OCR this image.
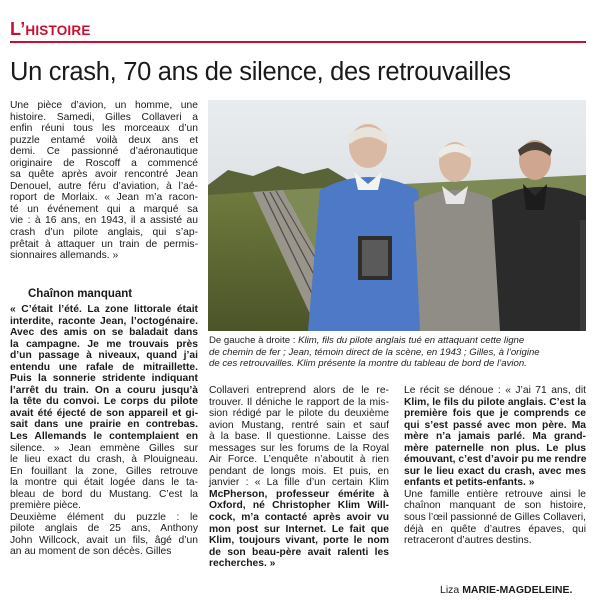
L’HISTOIRE
Un crash, 70 ans de silence, des retrouvailles
Une pièce d’avion, un homme, une
histoire. Samedi, Gilles Collaveri a
enfin réuni tous les morceaux d’un
puzzle entamé voilà deux ans et
demi. Ce passionné d’aéronautique
originaire de Roscoff a commencé
sa quête après avoir rencontré Jean
Denouel, autre féru d’aviation, à l’aé-
roport de Morlaix. « Jean m’a racon-
té un événement qui a marqué sa
vie : à 16 ans, en 1943, il a assisté au
crash d’un pilote anglais, qui s’ap-
prêtait à attaquer un train de permis-
sionnaires allemands. »
Chaînon manquant
« C’était l’été. La zone littorale était
interdite, raconte Jean, l’octogénaire.
Avec des amis on se baladait dans
la campagne. Je me trouvais près
d’un passage à niveaux, quand j’ai
entendu une rafale de mitraillette.
Puis la sonnerie stridente indiquant
l’arrêt du train. On a couru jusqu’à
la tête du convoi. Le corps du pilote
avait été éjecté de son appareil et gi-
sait dans une prairie en contrebas.
Les Allemands le contemplaient en
silence. » Jean emmène Gilles sur
le lieu exact du crash, à Plouigneau.
En fouillant la zone, Gilles retrouve
la montre qui était logée dans le ta-
bleau de bord du Mustang. C’est la
première pièce.
Deuxième élément du puzzle : le
pilote anglais de 25 ans, Anthony
John Willcock, avait un fils, âgé d’un
an au moment de son décès. Gilles
De gauche à droite : Klim, fils du pilote anglais tué en attaquant cette ligne
de chemin de fer ; Jean, témoin direct de la scène, en 1943 ; Gilles, à l’origine
de ces retrouvailles. Klim présente la montre du tableau de bord de l’avion.
Collaveri entreprend alors de le re-
trouver. Il déniche le rapport de la mis-
sion rédigé par le pilote du deuxième
avion Mustang, rentré sain et sauf
à la base. Il questionne. Laisse des
messages sur les forums de la Royal
Air Force. L’enquête n’aboutit à rien
pendant de longs mois. Et puis, en
janvier : « La fille d’un certain Klim
McPherson, professeur émérite à
Oxford, né Christopher Klim Will-
cock, m’a contacté après avoir vu
mon post sur Internet. Le fait que
Klim, toujours vivant, porte le nom
de son beau-père avait ralenti les
recherches. »
Le récit se dénoue : « J’ai 71 ans, dit
Klim, le fils du pilote anglais. C’est la
première fois que je comprends ce
qui s’est passé avec mon père. Ma
mère n’a jamais parlé. Ma grand-
mère paternelle non plus. Le plus
émouvant, c’est d’avoir pu me rendre
sur le lieu exact du crash, avec mes
enfants et petits-enfants. »
Une famille entière retrouve ainsi le
chaînon manquant de son histoire,
sous l’œil passionné de Gilles Collaveri,
déjà en quête d’autres épaves, qui
retraceront d’autres destins.
Liza MARIE-MAGDELEINE.
